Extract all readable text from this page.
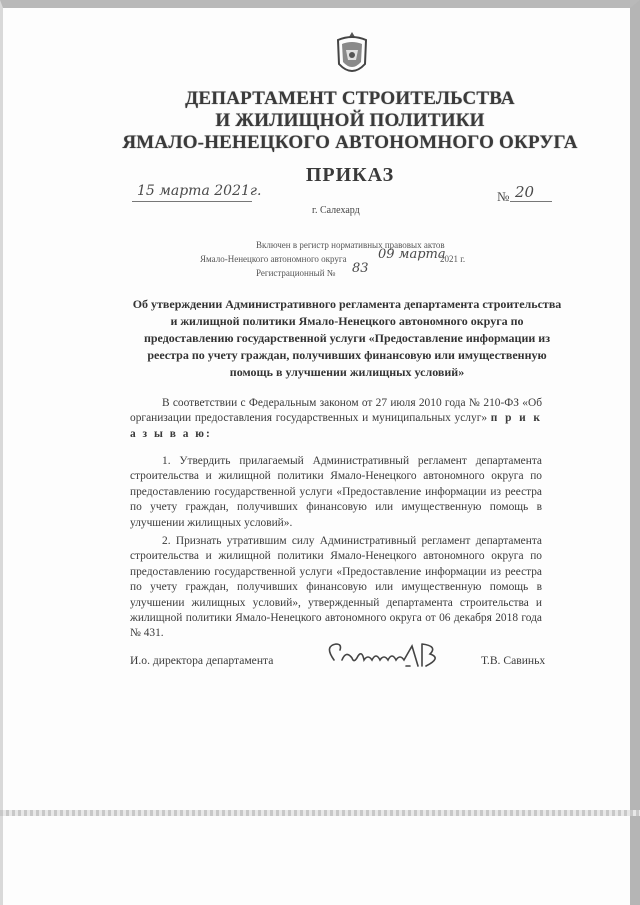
ДЕПАРТАМЕНТ СТРОИТЕЛЬСТВА
И ЖИЛИЩНОЙ ПОЛИТИКИ
ЯМАЛО-НЕНЕЦКОГО АВТОНОМНОГО ОКРУГА
ПРИКАЗ
15 марта 2021г.	№ 20
г. Салехард
Включен в регистр нормативных правовых актов
Ямало-Ненецкого автономного округа 09 марта
2021 г.
Регистрационный № 83
Об утверждении Административного регламента департамента строительства и жилищной политики Ямало-Ненецкого автономного округа по предоставлению государственной услуги «Предоставление информации из реестра по учету граждан, получивших финансовую или имущественную помощь в улучшении жилищных условий»
В соответствии с Федеральным законом от 27 июля 2010 года № 210-ФЗ «Об организации предоставления государственных и муниципальных услуг» п р и к а з ы в а ю:
1. Утвердить прилагаемый Административный регламент департамента строительства и жилищной политики Ямало-Ненецкого автономного округа по предоставлению государственной услуги «Предоставление информации из реестра по учету граждан, получивших финансовую или имущественную помощь в улучшении жилищных условий».
2. Признать утратившим силу Административный регламент департамента строительства и жилищной политики Ямало-Ненецкого автономного округа по предоставлению государственной услуги «Предоставление информации из реестра по учету граждан, получивших финансовую или имущественную помощь в улучшении жилищных условий», утвержденный департамента строительства и жилищной политики Ямало-Ненецкого автономного округа от 06 декабря 2018 года № 431.
И.о. директора департамента	Т.В. Савиньх
